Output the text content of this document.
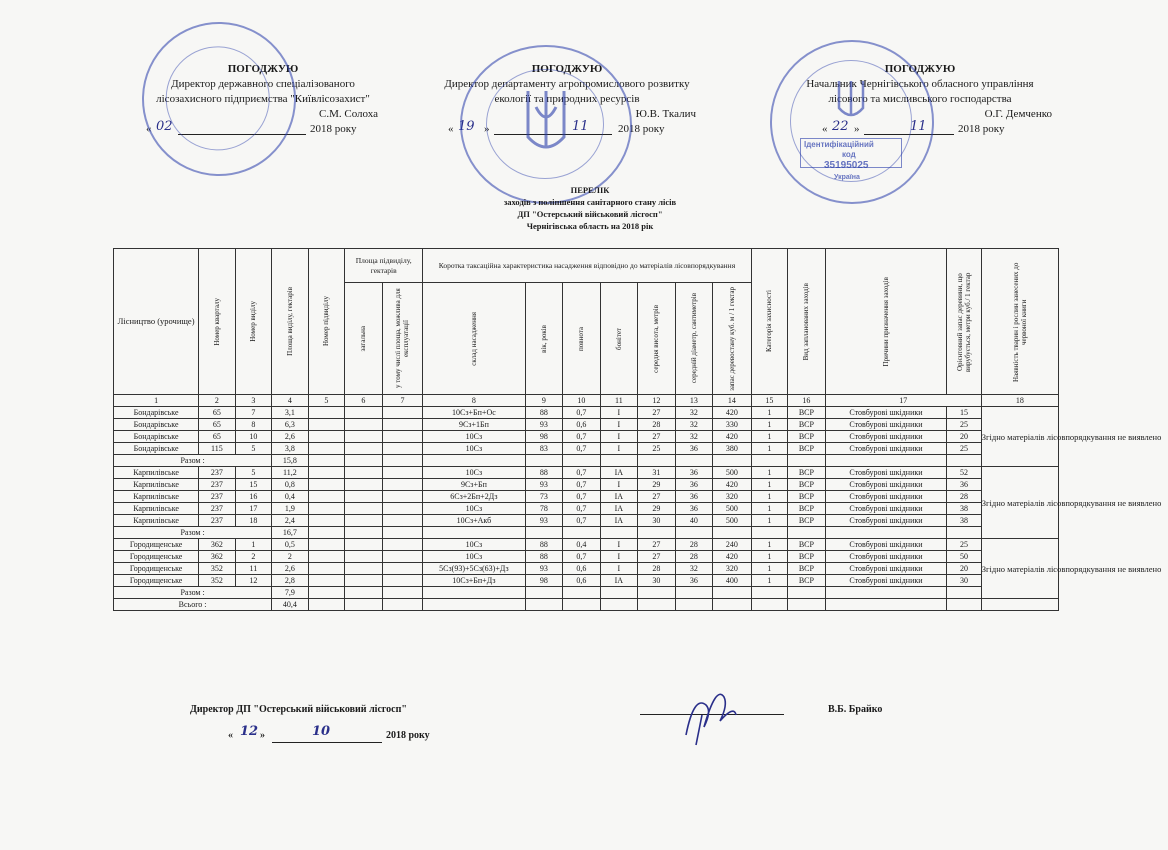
ПОГОДЖУЮ
Директор державного спеціалізованого
лісозахисного підприємства "Київлісозахист"
С.М. Солоха
« 02	2018 року
ПОГОДЖУЮ
Директор департаменту агропромислового розвитку
екології та природних ресурсів
Ю.В. Ткалич
« 19 »	11	2018 року
ПОГОДЖУЮ
Начальник Чернігівського обласного управління
лісового та мисливського господарства
О.Г. Демченко
« 22 »	11	2018 року
Ідентифікаційний
код
35195025
Україна
ПЕРЕЛІК
заходів з поліпшення санітарного стану лісів
ДП "Остерський військовий лісгосп"
Чернігівська область на 2018 рік
Лісництво (урочище)	Номер кварталу	Номер виділу	Площа виділу, гектарів	Номер підвиділу	Площа підвиділу, гектарів		Коротка таксаційна характеристика насадження відповідно до матеріалів лісовпорядкування							Категорія захисності	Вид запланованих заходів	Причини призначення заходів	Орієнтовний запас деревини, що вирубується, метри куб./ 1 гектар	Наявність тварин і рослин занесених до червоної книги

					загальна	у тому числі площа, можлива для експлуатації	склад насадження	вік, років	повнота	бонітет	середня висота, метрів	середній діаметр, сантиметрів	запас деревостану куб. м / 1 гектар					

1	2	3	4	5	6	7	8	9	10	11	12	13	14	15	16	17		18
Бондарівське	65	7	3,1				10Сз+Бп+Ос	88	0,7	I	27	32	420	1	ВСР	Стовбурові шкідники	15	Згідно матеріалів лісовпорядкування не виявлено
Бондарівське	65	8	6,3				9Сз+1Бп	93	0,6	I	28	32	330	1	ВСР	Стовбурові шкідники	25	
Бондарівське	65	10	2,6				10Сз	98	0,7	I	27	32	420	1	ВСР	Стовбурові шкідники	20	
Бондарівське	115	5	3,8				10Сз	83	0,7	I	25	36	380	1	ВСР	Стовбурові шкідники	25	
Разом :			15,8															
Карпилівське	237	5	11,2				10Сз	88	0,7	IA	31	36	500	1	ВСР	Стовбурові шкідники	52	Згідно матеріалів лісовпорядкування не виявлено
Карпилівське	237	15	0,8				9Сз+Бп	93	0,7	I	29	36	420	1	ВСР	Стовбурові шкідники	36	
Карпилівське	237	16	0,4				6Сз+2Бп+2Дз	73	0,7	IA	27	36	320	1	ВСР	Стовбурові шкідники	28	
Карпилівське	237	17	1,9				10Сз	78	0,7	IA	29	36	500	1	ВСР	Стовбурові шкідники	38	
Карпилівське	237	18	2,4				10Сз+Акб	93	0,7	IA	30	40	500	1	ВСР	Стовбурові шкідники	38	
Разом :			16,7															
Городищенське	362	1	0,5				10Сз	88	0,4	I	27	28	240	1	ВСР	Стовбурові шкідники	25	Згідно матеріалів лісовпорядкування не виявлено
Городищенське	362	2	2				10Сз	88	0,7	I	27	28	420	1	ВСР	Стовбурові шкідники	50	
Городищенське	352	11	2,6				5Сз(93)+5Сз(63)+Дз	93	0,6	I	28	32	320	1	ВСР	Стовбурові шкідники	20	
Городищенське	352	12	2,8				10Сз+Бп+Дз	98	0,6	IA	30	36	400	1	ВСР	Стовбурові шкідники	30	
Разом :			7,9															
Всього :			40,4															
Директор ДП "Остерський військовий лісгосп"	В.Б. Брайко
« 12 »	10	2018 року
